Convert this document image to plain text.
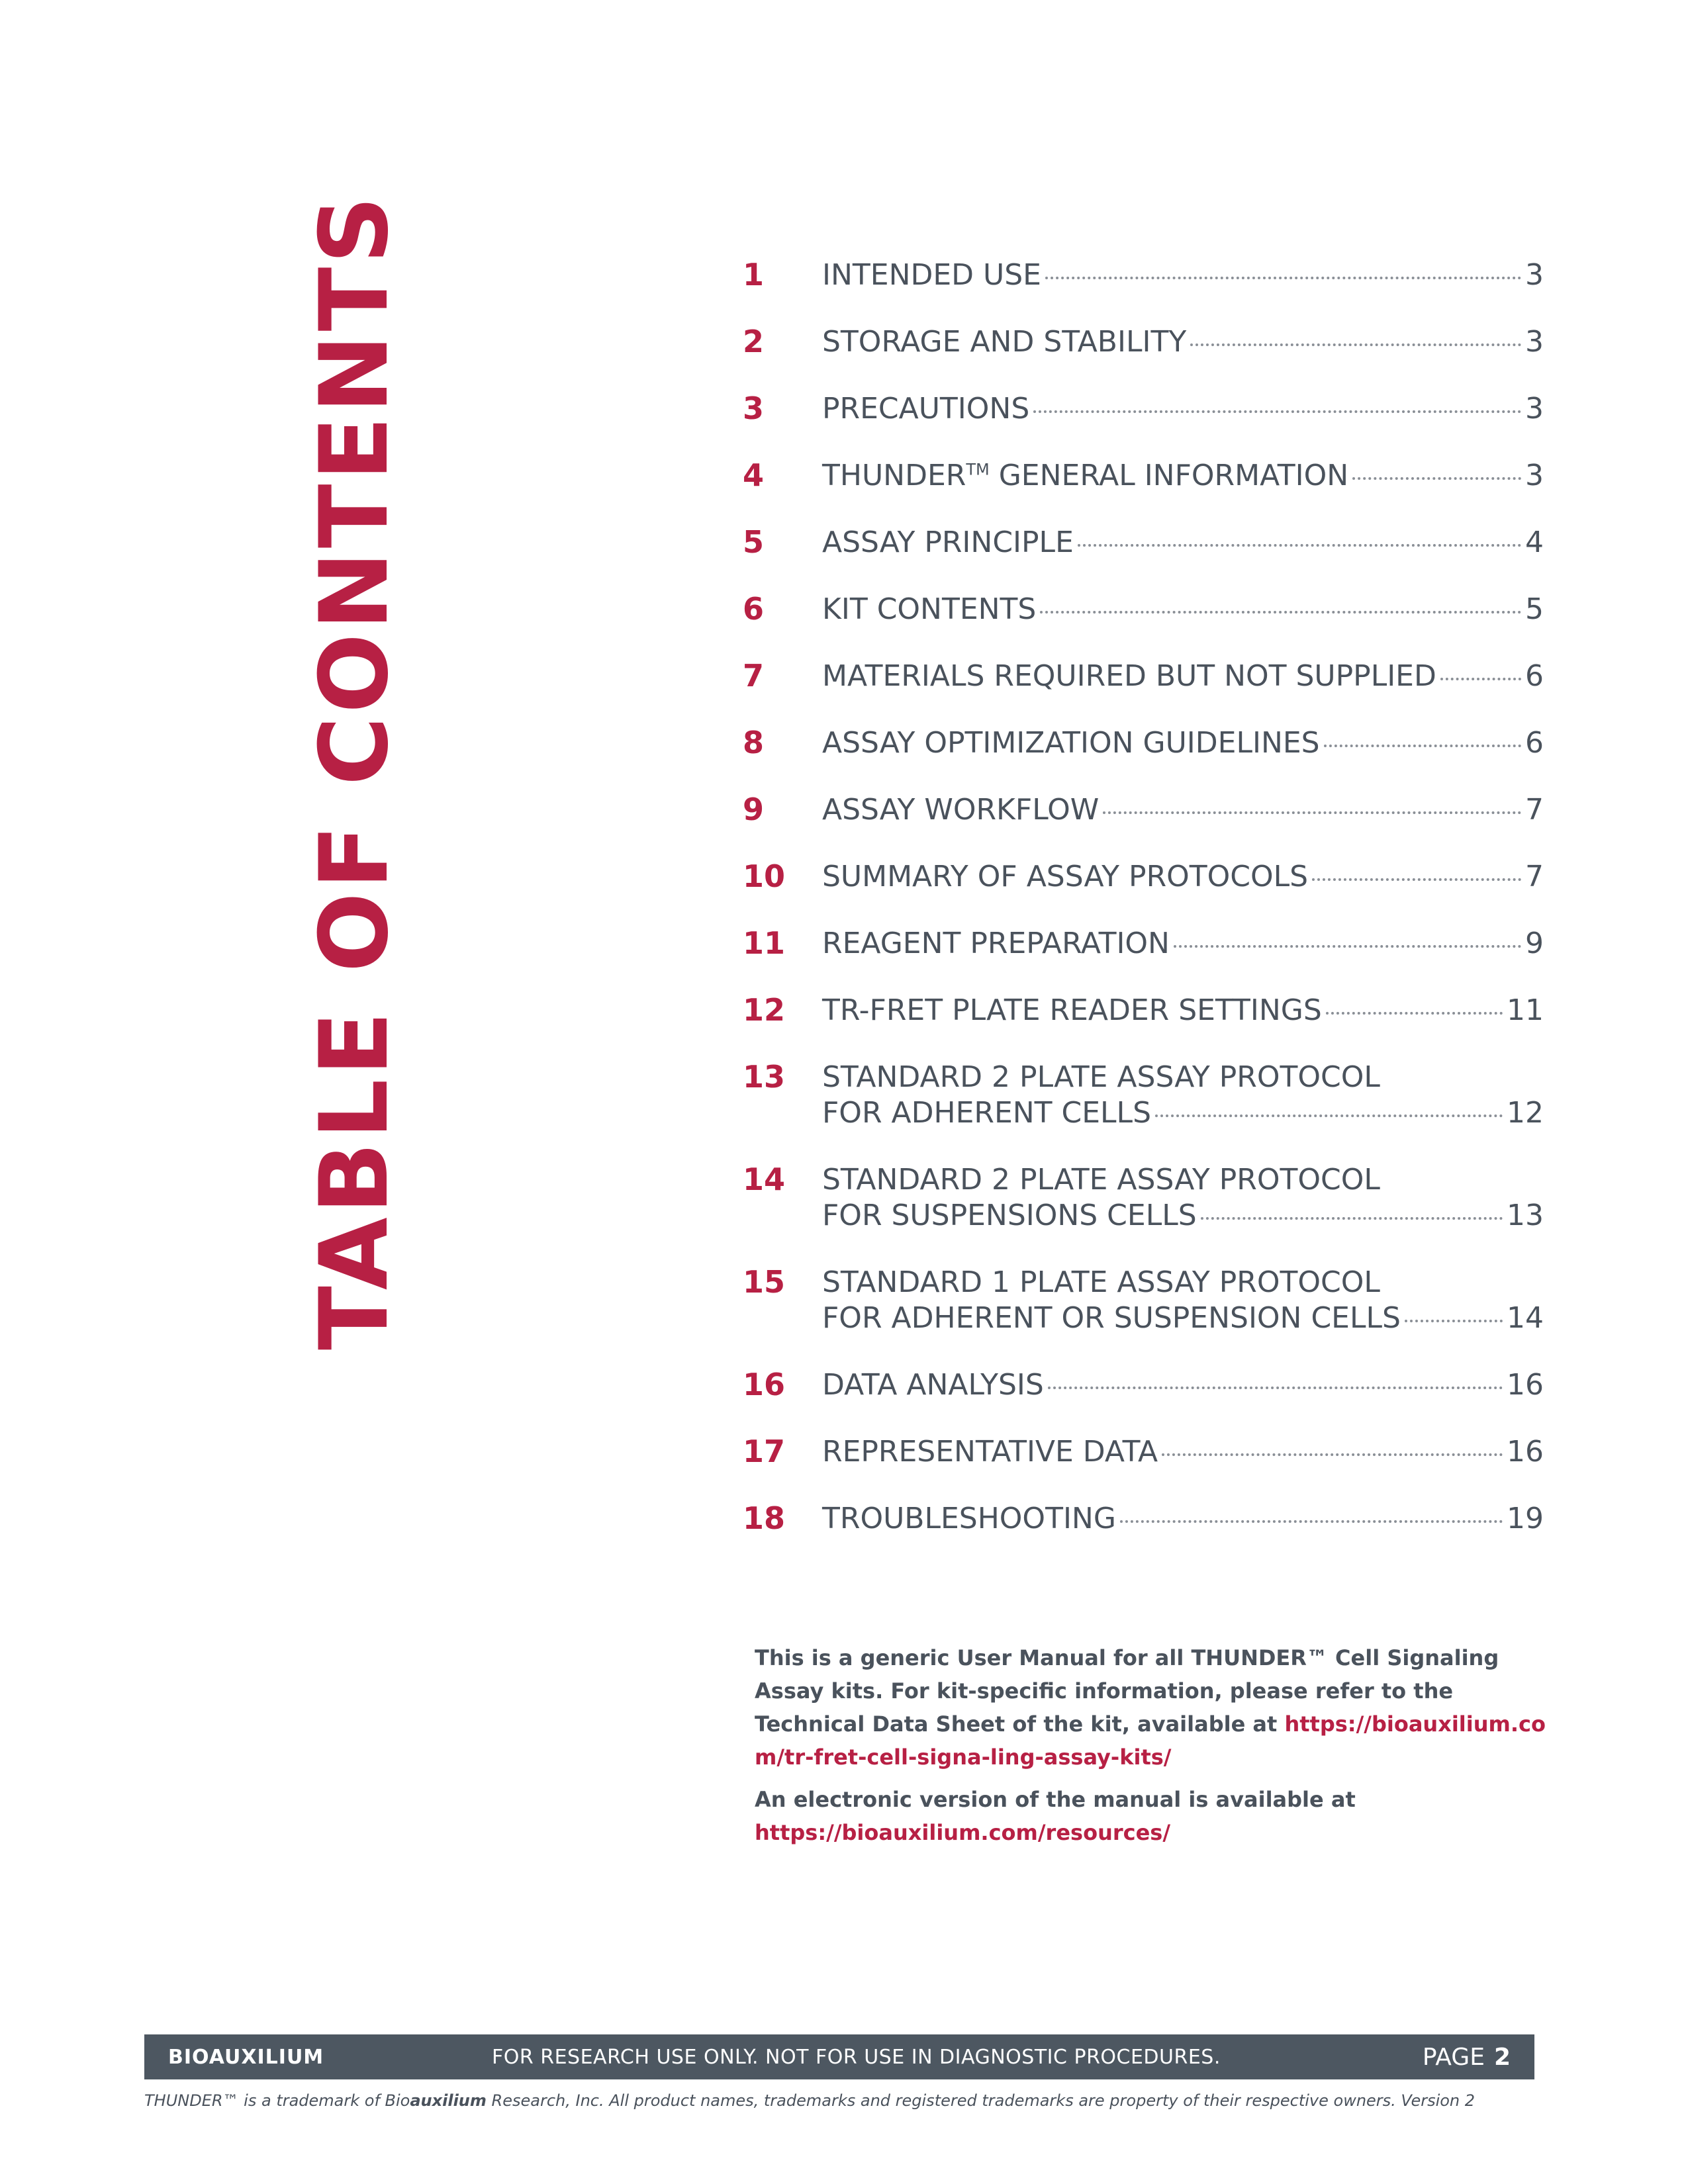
TABLE OF CONTENTS	1 INTENDED USE	3
2 STORAGE AND STABILITY	3
3 PRECAUTIONS	3
4 THUNDER™ GENERAL INFORMATION	3
5 ASSAY PRINCIPLE	4
6 KIT CONTENTS	5
7 MATERIALS REQUIRED BUT NOT SUPPLIED	6
8 ASSAY OPTIMIZATION GUIDELINES	6
9 ASSAY WORKFLOW	7
10 SUMMARY OF ASSAY PROTOCOLS	7
11 REAGENT PREPARATION	9
12 TR-FRET PLATE READER SETTINGS	11
13 STANDARD 2 PLATE ASSAY PROTOCOL
FOR ADHERENT CELLS	12
14 STANDARD 2 PLATE ASSAY PROTOCOL
FOR SUSPENSIONS CELLS	13
15 STANDARD 1 PLATE ASSAY PROTOCOL
FOR ADHERENT OR SUSPENSION CELLS	14
16 DATA ANALYSIS	16
17 REPRESENTATIVE DATA	16
18 TROUBLESHOOTING	19

This is a generic User Manual for all THUNDER™ Cell Signaling Assay kits. For kit-specific information, please refer to the Technical Data Sheet of the kit, available at https://bioauxilium.com/tr-fret-cell-signa-ling-assay-kits/

An electronic version of the manual is available at
https://bioauxilium.com/resources/

BIOAUXILIUM	FOR RESEARCH USE ONLY. NOT FOR USE IN DIAGNOSTIC PROCEDURES.	PAGE 2
THUNDER™ is a trademark of Bioauxilium Research, Inc. All product names, trademarks and registered trademarks are property of their respective owners. Version 2
